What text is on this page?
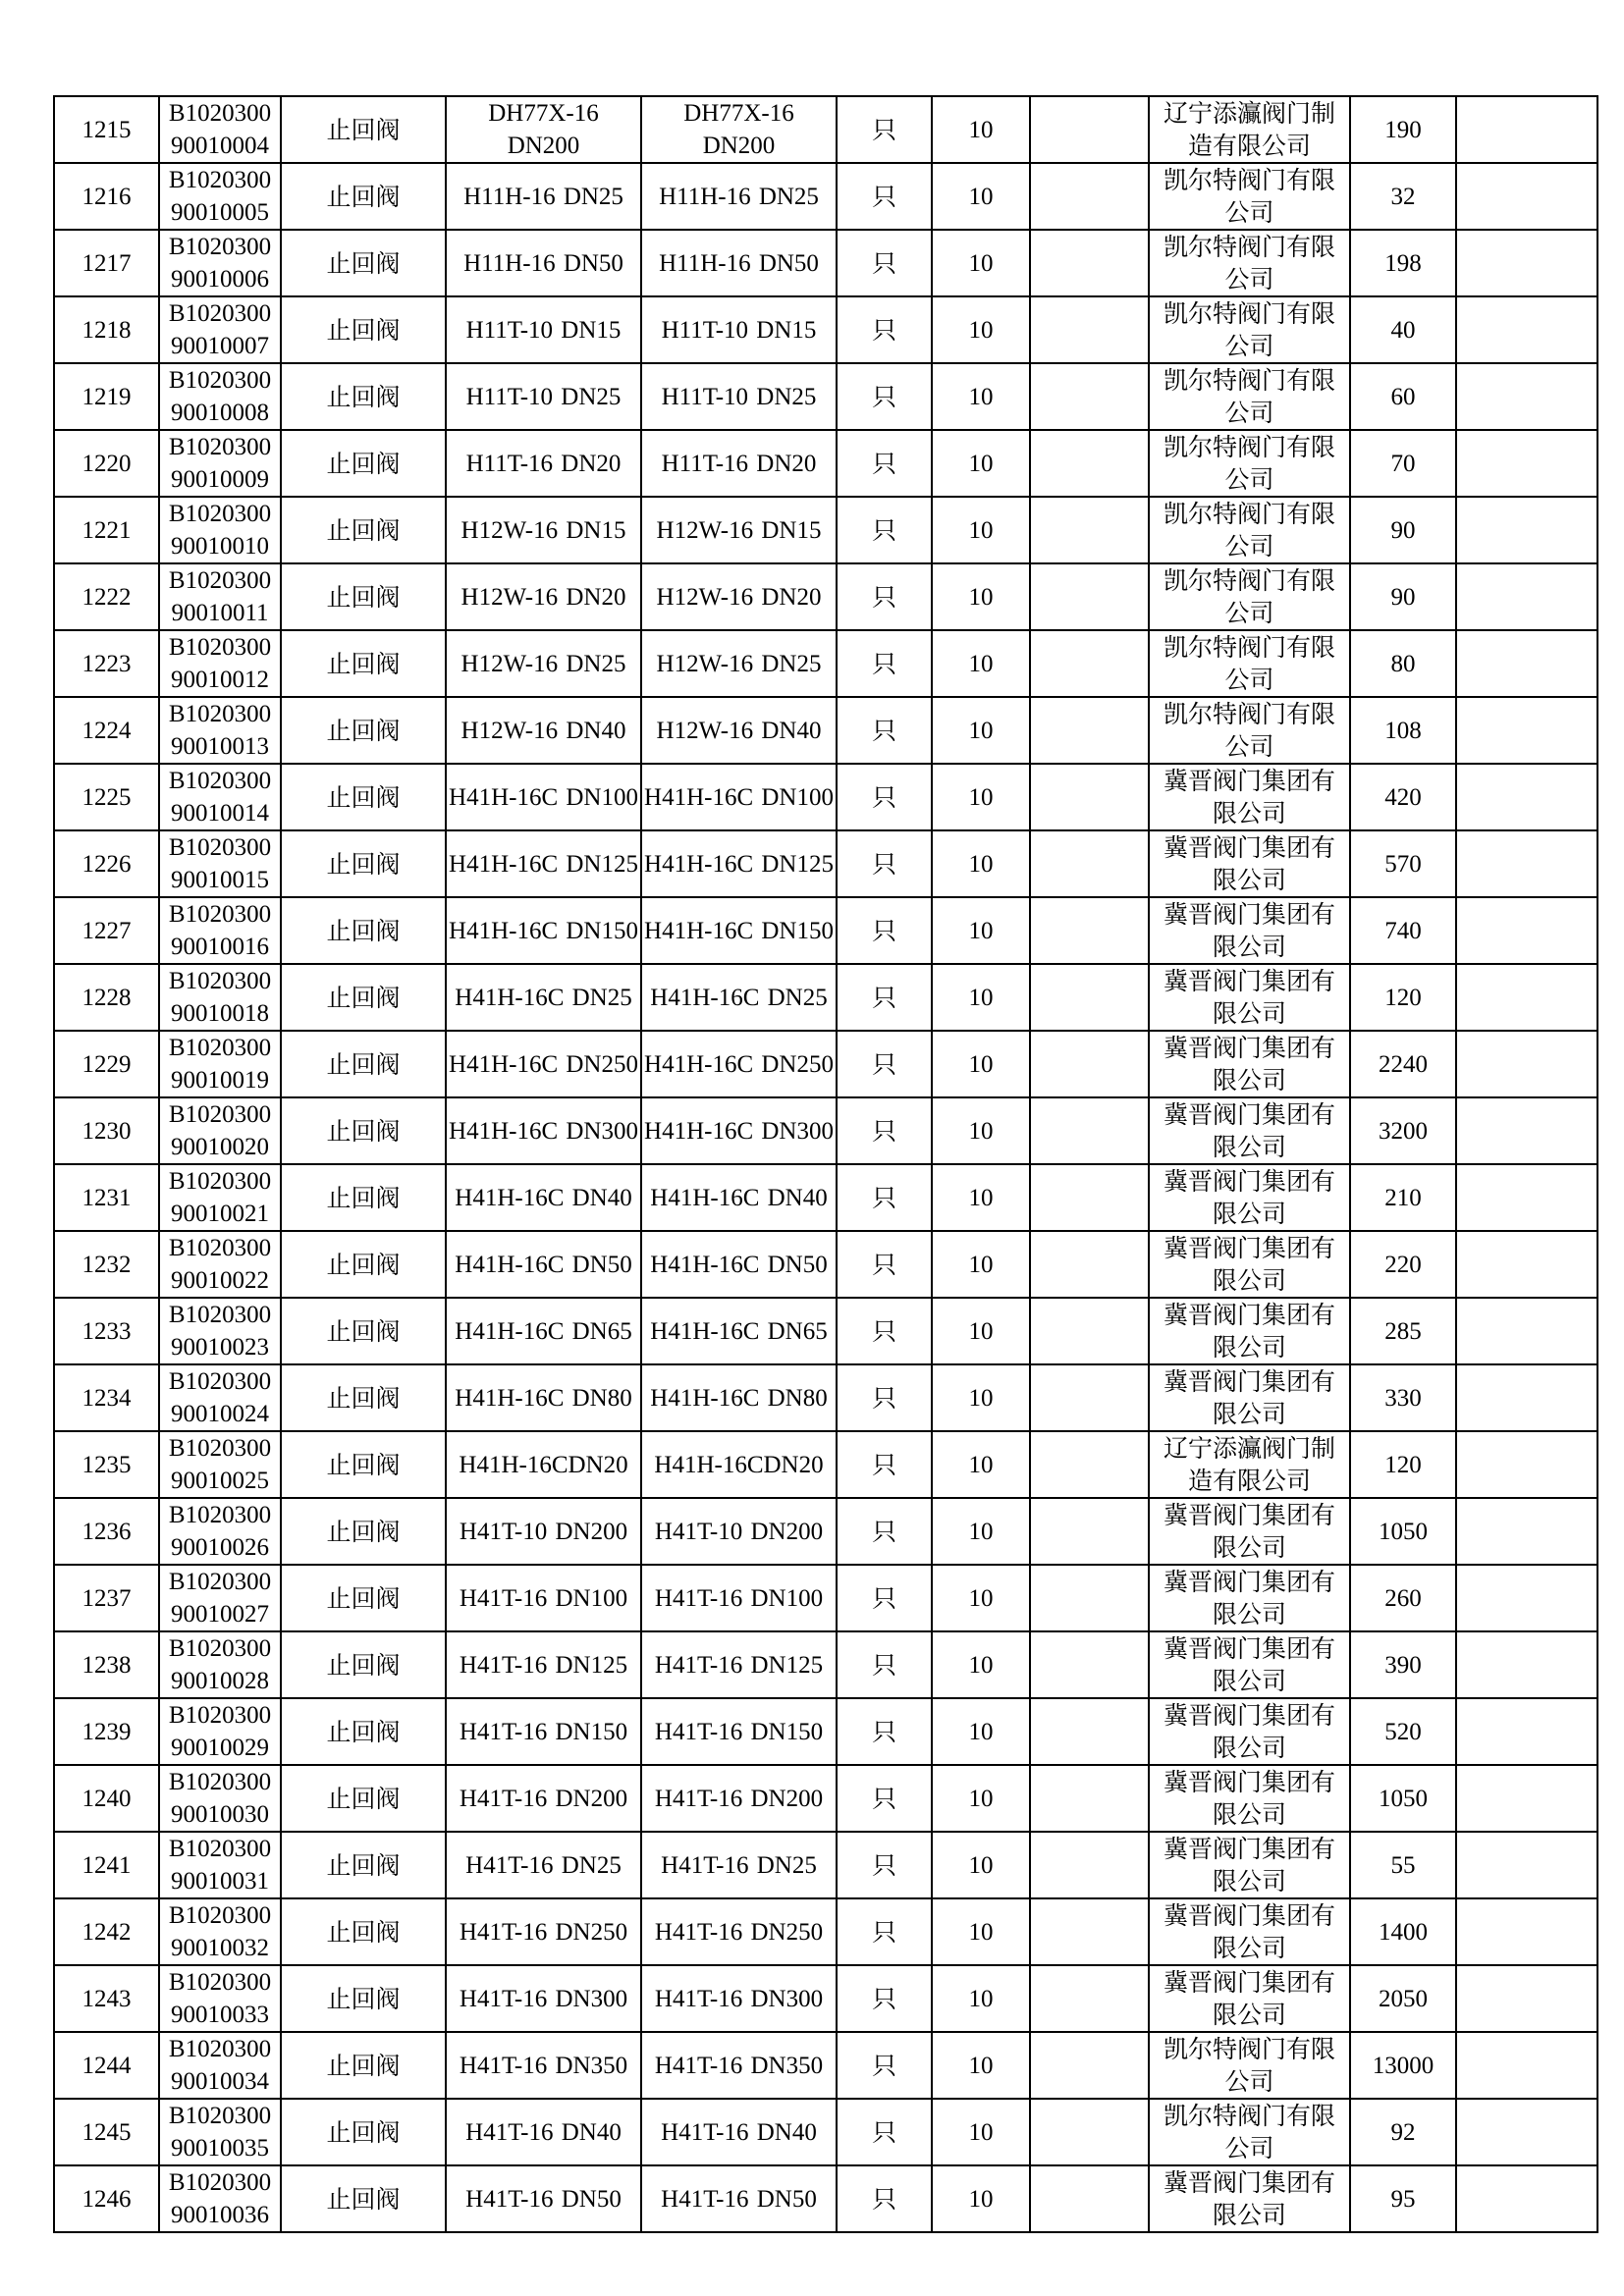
1215	B1020300 90010004	止回阀	DH77X-16 DN200	DH77X-16 DN200	只	10		辽宁添灜阀门制造有限公司	190	
1216	B1020300 90010005	止回阀	H11H-16 DN25	H11H-16 DN25	只	10		凯尔特阀门有限公司	32	
1217	B1020300 90010006	止回阀	H11H-16 DN50	H11H-16 DN50	只	10		凯尔特阀门有限公司	198	
1218	B1020300 90010007	止回阀	H11T-10 DN15	H11T-10 DN15	只	10		凯尔特阀门有限公司	40	
1219	B1020300 90010008	止回阀	H11T-10 DN25	H11T-10 DN25	只	10		凯尔特阀门有限公司	60	
1220	B1020300 90010009	止回阀	H11T-16 DN20	H11T-16 DN20	只	10		凯尔特阀门有限公司	70	
1221	B1020300 90010010	止回阀	H12W-16 DN15	H12W-16 DN15	只	10		凯尔特阀门有限公司	90	
1222	B1020300 90010011	止回阀	H12W-16 DN20	H12W-16 DN20	只	10		凯尔特阀门有限公司	90	
1223	B1020300 90010012	止回阀	H12W-16 DN25	H12W-16 DN25	只	10		凯尔特阀门有限公司	80	
1224	B1020300 90010013	止回阀	H12W-16 DN40	H12W-16 DN40	只	10		凯尔特阀门有限公司	108	
1225	B1020300 90010014	止回阀	H41H-16C DN100	H41H-16C DN100	只	10		冀晋阀门集团有限公司	420	
1226	B1020300 90010015	止回阀	H41H-16C DN125	H41H-16C DN125	只	10		冀晋阀门集团有限公司	570	
1227	B1020300 90010016	止回阀	H41H-16C DN150	H41H-16C DN150	只	10		冀晋阀门集团有限公司	740	
1228	B1020300 90010018	止回阀	H41H-16C DN25	H41H-16C DN25	只	10		冀晋阀门集团有限公司	120	
1229	B1020300 90010019	止回阀	H41H-16C DN250	H41H-16C DN250	只	10		冀晋阀门集团有限公司	2240	
1230	B1020300 90010020	止回阀	H41H-16C DN300	H41H-16C DN300	只	10		冀晋阀门集团有限公司	3200	
1231	B1020300 90010021	止回阀	H41H-16C DN40	H41H-16C DN40	只	10		冀晋阀门集团有限公司	210	
1232	B1020300 90010022	止回阀	H41H-16C DN50	H41H-16C DN50	只	10		冀晋阀门集团有限公司	220	
1233	B1020300 90010023	止回阀	H41H-16C DN65	H41H-16C DN65	只	10		冀晋阀门集团有限公司	285	
1234	B1020300 90010024	止回阀	H41H-16C DN80	H41H-16C DN80	只	10		冀晋阀门集团有限公司	330	
1235	B1020300 90010025	止回阀	H41H-16CDN20	H41H-16CDN20	只	10		辽宁添灜阀门制造有限公司	120	
1236	B1020300 90010026	止回阀	H41T-10 DN200	H41T-10 DN200	只	10		冀晋阀门集团有限公司	1050	
1237	B1020300 90010027	止回阀	H41T-16 DN100	H41T-16 DN100	只	10		冀晋阀门集团有限公司	260	
1238	B1020300 90010028	止回阀	H41T-16 DN125	H41T-16 DN125	只	10		冀晋阀门集团有限公司	390	
1239	B1020300 90010029	止回阀	H41T-16 DN150	H41T-16 DN150	只	10		冀晋阀门集团有限公司	520	
1240	B1020300 90010030	止回阀	H41T-16 DN200	H41T-16 DN200	只	10		冀晋阀门集团有限公司	1050	
1241	B1020300 90010031	止回阀	H41T-16 DN25	H41T-16 DN25	只	10		冀晋阀门集团有限公司	55	
1242	B1020300 90010032	止回阀	H41T-16 DN250	H41T-16 DN250	只	10		冀晋阀门集团有限公司	1400	
1243	B1020300 90010033	止回阀	H41T-16 DN300	H41T-16 DN300	只	10		冀晋阀门集团有限公司	2050	
1244	B1020300 90010034	止回阀	H41T-16 DN350	H41T-16 DN350	只	10		凯尔特阀门有限公司	13000	
1245	B1020300 90010035	止回阀	H41T-16 DN40	H41T-16 DN40	只	10		凯尔特阀门有限公司	92	
1246	B1020300 90010036	止回阀	H41T-16 DN50	H41T-16 DN50	只	10		冀晋阀门集团有限公司	95	
